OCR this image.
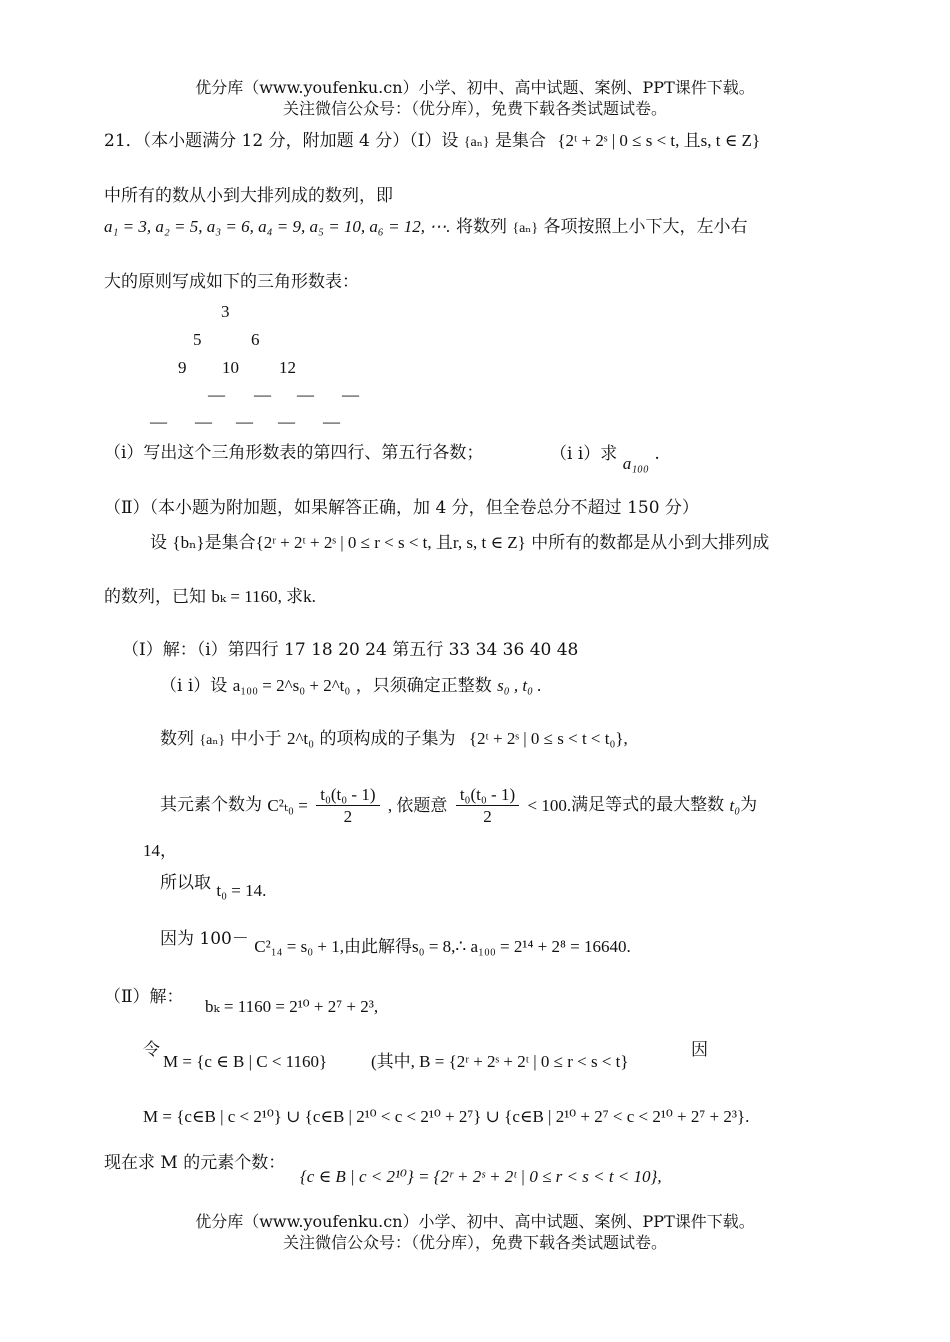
优分库（www.youfenku.cn）小学、初中、高中试题、案例、PPT课件下载。
关注微信公众号：（优分库），免费下载各类试题试卷。
21．（本小题满分 12 分，附加题 4 分）（Ⅰ）设 {aₙ} 是集合 {2ᵗ + 2ˢ | 0 ≤ s < t, 且s, t ∈ Z}
中所有的数从小到大排列成的数列，即
a₁ = 3, a₂ = 5, a₃ = 6, a₄ = 9, a₅ = 10, a₆ = 12, ⋯. 将数列 {aₙ} 各项按照上小下大，左小右
大的原则写成如下的三角形数表：
3
5	6
9 10 12
— — — —
— — — — —
（i）写出这个三角形数表的第四行、第五行各数；	（i i）求 a₁₀₀ .
（Ⅱ）（本小题为附加题，如果解答正确，加 4 分，但全卷总分不超过 150 分）
设 {bₙ}是集合{2ʳ + 2ᵗ + 2ˢ | 0 ≤ r < s < t, 且r, s, t ∈ Z} 中所有的数都是从小到大排列成
的数列，已知 bₖ = 1160, 求k.
（Ⅰ）解：（i）第四行 17 18 20 24 第五行 33 34 36 40 48
（i i）设 a₁₀₀ = 2^s₀ + 2^t₀ ，只须确定正整数 s₀ , t₀ .
数列 {aₙ} 中小于 2^t₀ 的项构成的子集为 {2ᵗ + 2ˢ | 0 ≤ s < t < t₀},
其元素个数为 $C^2_{t0} = \frac{\text{t₀(t₀ - 1)}}{2}$ , 依题意 $\frac{\text{t₀(t₀ - 1)}}{2} < 100$.满足等式的最大整数 t₀为
14，
所以取 t₀ = 14.
因为 100－ C²₁₄ = s₀ + 1,由此解得s₀ = 8,∴ a₁₀₀ = 2¹⁴ + 2⁸ = 16640.
（Ⅱ）解： bₖ = 1160 = 2¹⁰ + 2⁷ + 2³,
令
M = {c ∈ B | C < 1160}	(其中, B = {2ʳ + 2ˢ + 2ᵗ | 0 ≤ r < s < t}
因
M = {c∈B | c < 2¹⁰} ∪ {c∈B | 2¹⁰ < c < 2¹⁰ + 2⁷} ∪ {c∈B | 2¹⁰ + 2⁷ < c < 2¹⁰ + 2⁷ + 2³}.
现在求 M 的元素个数：
{c ∈ B | c < 2¹⁰} = {2ʳ + 2ˢ + 2ᵗ | 0 ≤ r < s < t < 10},
优分库（www.youfenku.cn）小学、初中、高中试题、案例、PPT课件下载。
关注微信公众号：（优分库），免费下载各类试题试卷。
